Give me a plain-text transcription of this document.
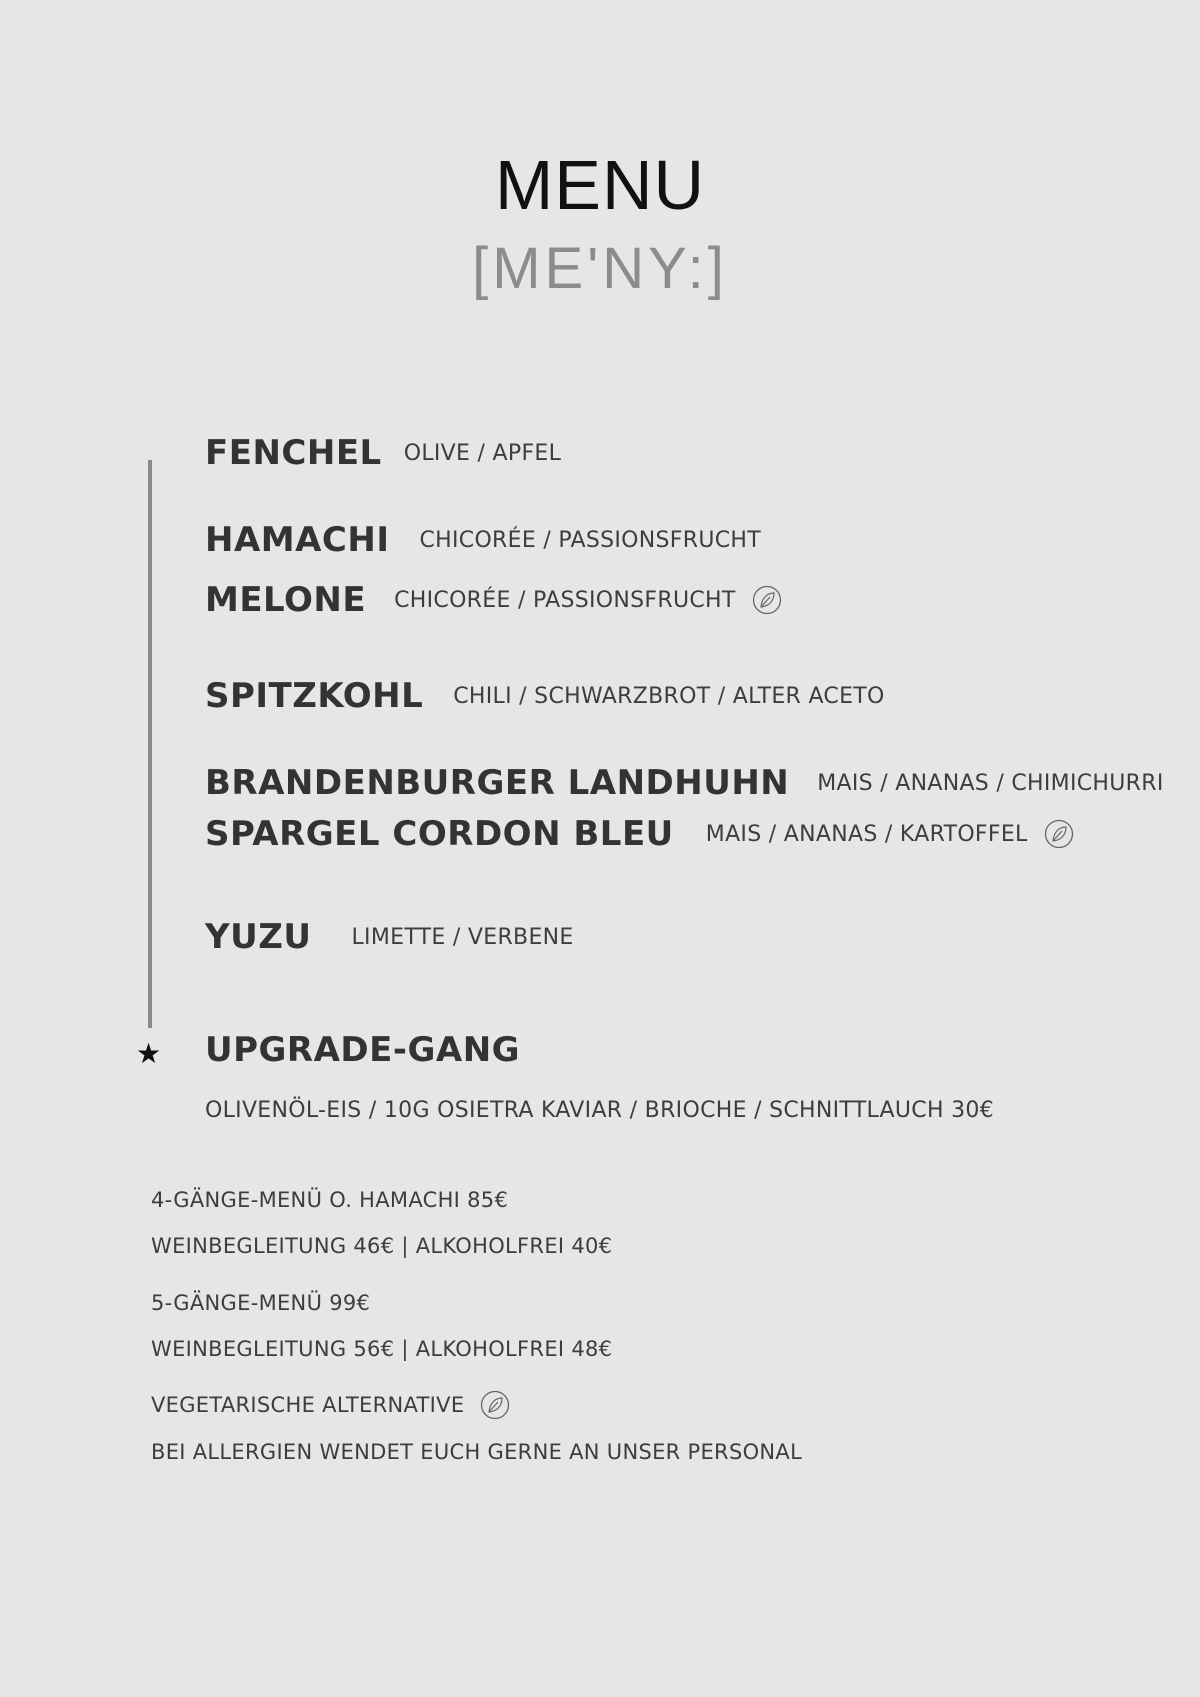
MENU
[ME'NY:]
FENCHEL OLIVE / APFEL
HAMACHI CHICORÉE / PASSIONSFRUCHT
MELONE CHICORÉE / PASSIONSFRUCHT
SPITZKOHL CHILI / SCHWARZBROT / ALTER ACETO
BRANDENBURGER LANDHUHN MAIS / ANANAS / CHIMICHURRI
SPARGEL CORDON BLEU MAIS / ANANAS / KARTOFFEL
YUZU LIMETTE / VERBENE
★ UPGRADE-GANG
OLIVENÖL-EIS / 10G OSIETRA KAVIAR / BRIOCHE / SCHNITTLAUCH 30€
4-GÄNGE-MENÜ O. HAMACHI 85€
WEINBEGLEITUNG 46€ | ALKOHOLFREI 40€
5-GÄNGE-MENÜ 99€
WEINBEGLEITUNG 56€ | ALKOHOLFREI 48€
VEGETARISCHE ALTERNATIVE
BEI ALLERGIEN WENDET EUCH GERNE AN UNSER PERSONAL
